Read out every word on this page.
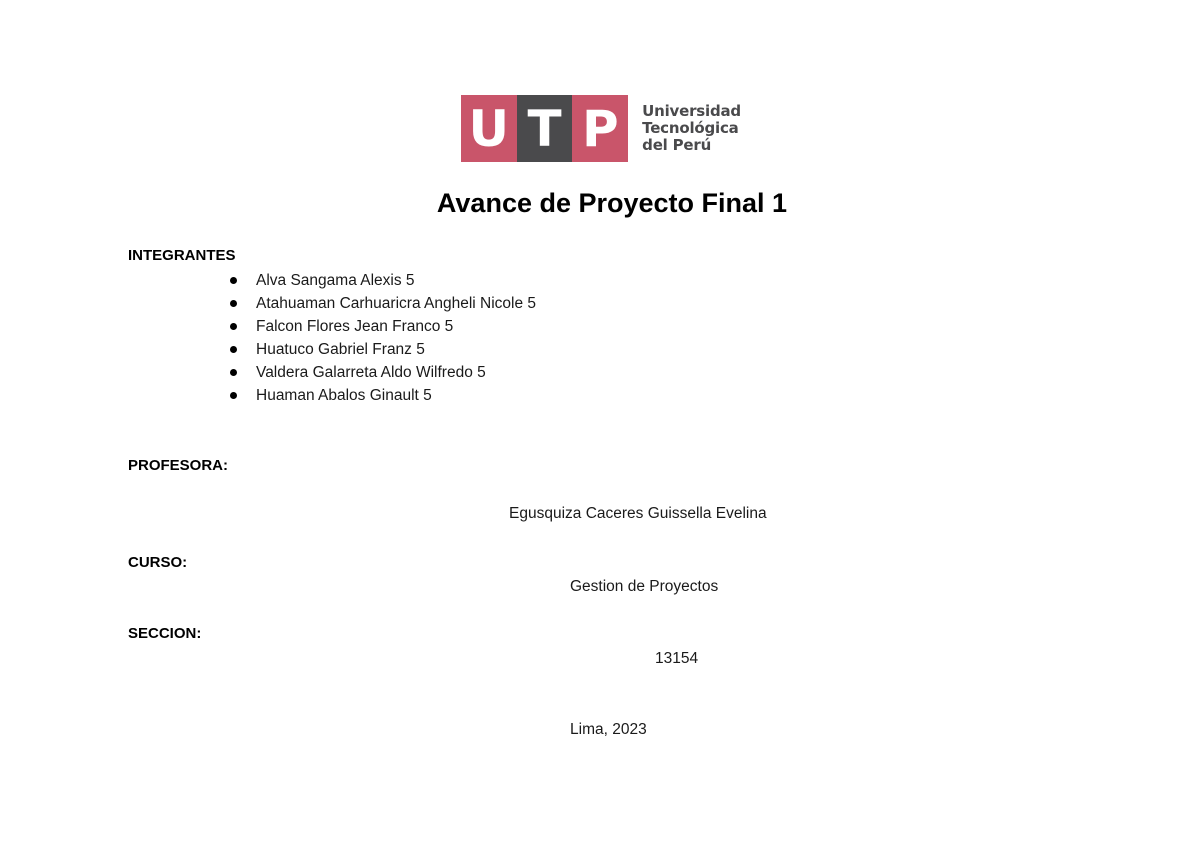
U T P	Universidad
Tecnológica
del Perú
Avance de Proyecto Final 1

INTEGRANTES

Alva Sangama Alexis 5
Atahuaman Carhuaricra Angheli Nicole 5
Falcon Flores Jean Franco 5
Huatuco Gabriel Franz 5
Valdera Galarreta Aldo Wilfredo 5
Huaman Abalos Ginault 5

PROFESORA:

Egusquiza Caceres Guissella Evelina

CURSO:

Gestion de Proyectos

SECCION:

13154

Lima, 2023
